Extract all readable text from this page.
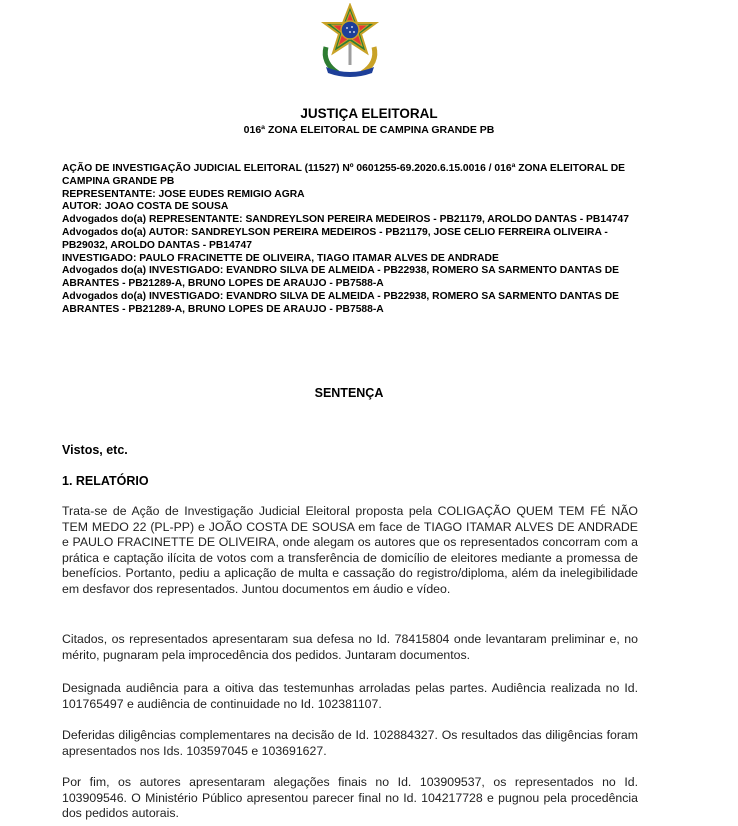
JUSTIÇA ELEITORAL
016ª ZONA ELEITORAL DE CAMPINA GRANDE PB
AÇÃO DE INVESTIGAÇÃO JUDICIAL ELEITORAL (11527) Nº 0601255-69.2020.6.15.0016 / 016ª ZONA ELEITORAL DE CAMPINA GRANDE PB
REPRESENTANTE: JOSE EUDES REMIGIO AGRA
AUTOR: JOAO COSTA DE SOUSA
Advogados do(a) REPRESENTANTE: SANDREYLSON PEREIRA MEDEIROS - PB21179, AROLDO DANTAS - PB14747
Advogados do(a) AUTOR: SANDREYLSON PEREIRA MEDEIROS - PB21179, JOSE CELIO FERREIRA OLIVEIRA - PB29032, AROLDO DANTAS - PB14747
INVESTIGADO: PAULO FRACINETTE DE OLIVEIRA, TIAGO ITAMAR ALVES DE ANDRADE
Advogados do(a) INVESTIGADO: EVANDRO SILVA DE ALMEIDA - PB22938, ROMERO SA SARMENTO DANTAS DE ABRANTES - PB21289-A, BRUNO LOPES DE ARAUJO - PB7588-A
Advogados do(a) INVESTIGADO: EVANDRO SILVA DE ALMEIDA - PB22938, ROMERO SA SARMENTO DANTAS DE ABRANTES - PB21289-A, BRUNO LOPES DE ARAUJO - PB7588-A
SENTENÇA
Vistos, etc.
1. RELATÓRIO
Trata-se de Ação de Investigação Judicial Eleitoral proposta pela COLIGAÇÃO QUEM TEM FÉ NÃO TEM MEDO 22 (PL-PP) e JOÃO COSTA DE SOUSA em face de TIAGO ITAMAR ALVES DE ANDRADE e PAULO FRACINETTE DE OLIVEIRA, onde alegam os autores que os representados concorram com a prática e captação ilícita de votos com a transferência de domicílio de eleitores mediante a promessa de benefícios. Portanto, pediu a aplicação de multa e cassação do registro/diploma, além da inelegibilidade em desfavor dos representados. Juntou documentos em áudio e vídeo.
Citados, os representados apresentaram sua defesa no Id. 78415804 onde levantaram preliminar e, no mérito, pugnaram pela improcedência dos pedidos. Juntaram documentos.
Designada audiência para a oitiva das testemunhas arroladas pelas partes. Audiência realizada no Id. 101765497 e audiência de continuidade no Id. 102381107.
Deferidas diligências complementares na decisão de Id. 102884327. Os resultados das diligências foram apresentados nos Ids. 103597045 e 103691627.
Por fim, os autores apresentaram alegações finais no Id. 103909537, os representados no Id. 103909546. O Ministério Público apresentou parecer final no Id. 104217728 e pugnou pela procedência dos pedidos autorais.
